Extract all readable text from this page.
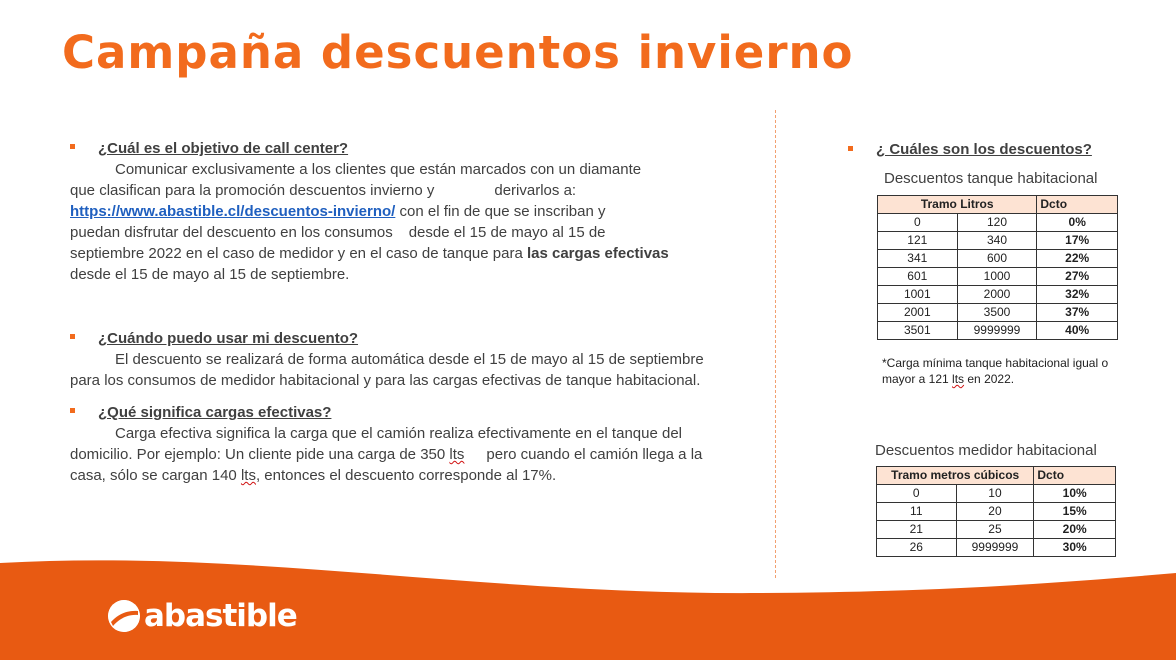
Campaña descuentos invierno
¿Cuál es el objetivo de call center?
Comunicar exclusivamente a los clientes que están marcados con un diamante
que clasifican para la promoción descuentos invierno y	derivarlos a:
https://www.abastible.cl/descuentos-invierno/ con el fin de que se inscriban y
puedan disfrutar del descuento en los consumos desde el 15 de mayo al 15 de
septiembre 2022 en el caso de medidor y en el caso de tanque para las cargas efectivas
desde el 15 de mayo al 15 de septiembre.
¿Cuándo puedo usar mi descuento?
El descuento se realizará de forma automática desde el 15 de mayo al 15 de septiembre
para los consumos de medidor habitacional y para las cargas efectivas de tanque habitacional.
¿Qué significa cargas efectivas?
Carga efectiva significa la carga que el camión realiza efectivamente en el tanque del
domicilio. Por ejemplo: Un cliente pide una carga de 350 lts pero cuando el camión llega a la
casa, sólo se cargan 140 lts, entonces el descuento corresponde al 17%.
¿ Cuáles son los descuentos?
Descuentos tanque habitacional
Tramo Litros		Dcto
0	120	0%
121	340	17%
341	600	22%
601	1000	27%
1001	2000	32%
2001	3500	37%
3501	9999999	40%
*Carga mínima tanque habitacional igual o mayor a 121 lts en 2022.
Descuentos medidor habitacional
Tramo metros cúbicos		Dcto
0	10	10%
11	20	15%
21	25	20%
26	9999999	30%
abastible
